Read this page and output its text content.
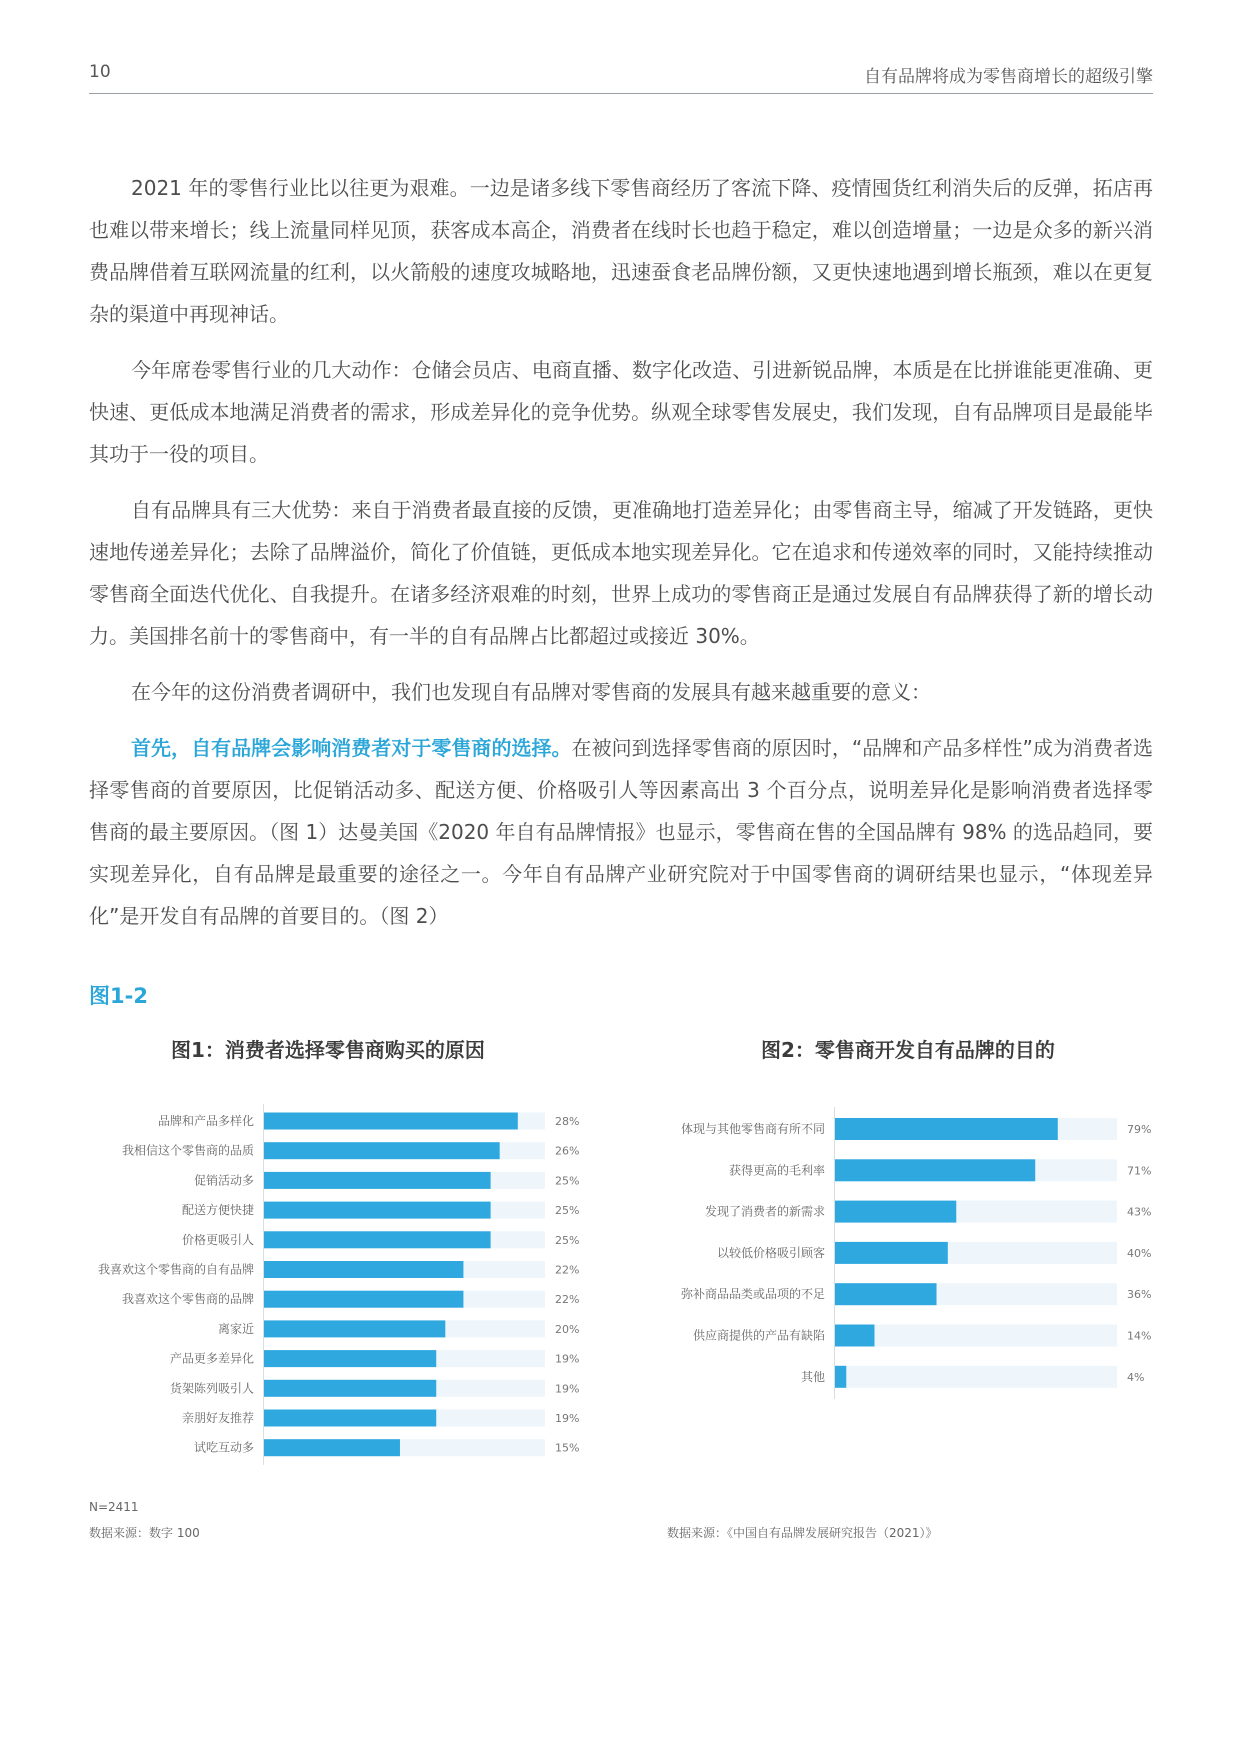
10	自有品牌将成为零售商增长的超级引擎

2021 年的零售行业比以往更为艰难。一边是诸多线下零售商经历了客流下降、疫情囤货红利消失后的反弹，拓店再也难以带来增长；线上流量同样见顶，获客成本高企，消费者在线时长也趋于稳定，难以创造增量；一边是众多的新兴消费品牌借着互联网流量的红利，以火箭般的速度攻城略地，迅速蚕食老品牌份额，又更快速地遇到增长瓶颈，难以在更复杂的渠道中再现神话。

今年席卷零售行业的几大动作：仓储会员店、电商直播、数字化改造、引进新锐品牌，本质是在比拼谁能更准确、更快速、更低成本地满足消费者的需求，形成差异化的竞争优势。纵观全球零售发展史，我们发现，自有品牌项目是最能毕其功于一役的项目。

自有品牌具有三大优势：来自于消费者最直接的反馈，更准确地打造差异化；由零售商主导，缩减了开发链路，更快速地传递差异化；去除了品牌溢价，简化了价值链，更低成本地实现差异化。它在追求和传递效率的同时，又能持续推动零售商全面迭代优化、自我提升。在诸多经济艰难的时刻，世界上成功的零售商正是通过发展自有品牌获得了新的增长动力。美国排名前十的零售商中，有一半的自有品牌占比都超过或接近 30%。

在今年的这份消费者调研中，我们也发现自有品牌对零售商的发展具有越来越重要的意义：

首先，自有品牌会影响消费者对于零售商的选择。在被问到选择零售商的原因时，“品牌和产品多样性”成为消费者选择零售商的首要原因，比促销活动多、配送方便、价格吸引人等因素高出 3 个百分点，说明差异化是影响消费者选择零售商的最主要原因。（图 1）达曼美国《2020 年自有品牌情报》也显示，零售商在售的全国品牌有 98% 的选品趋同，要实现差异化，自有品牌是最重要的途径之一。今年自有品牌产业研究院对于中国零售商的调研结果也显示，“体现差异化”是开发自有品牌的首要目的。（图 2）

图1-2
图1：消费者选择零售商购买的原因	图2：零售商开发自有品牌的目的
品牌和产品多样化	28%
我相信这个零售商的品质	26%
促销活动多	25%
配送方便快捷	25%
价格更吸引人	25%
我喜欢这个零售商的自有品牌	22%
我喜欢这个零售商的品牌	22%
离家近	20%
产品更多差异化	19%
货架陈列吸引人	19%
亲朋好友推荐	19%
试吃互动多	15%
体现与其他零售商有所不同	79%
获得更高的毛利率	71%
发现了消费者的新需求	43%
以较低价格吸引顾客	40%
弥补商品品类或品项的不足	36%
供应商提供的产品有缺陷	14%
其他	4%
N=2411
数据来源：数字 100	数据来源：《中国自有品牌发展研究报告（2021）》
